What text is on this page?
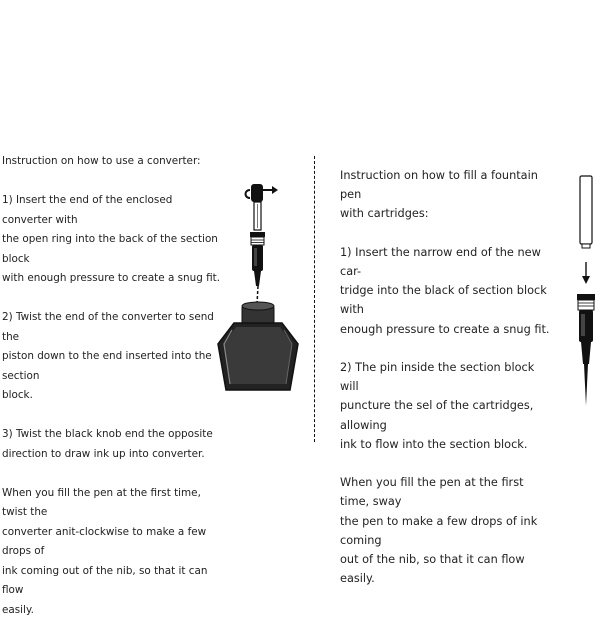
Instruction on how to use a converter:

1) Insert the end of the enclosed converter with

the open ring into the back of the section block

with enough pressure to create a snug fit.

2) Twist the end of the converter to send the

piston down to the end inserted into the section

block.

3) Twist the black knob end the opposite

direction to draw ink up into converter.

When you fill the pen at the first time, twist the

converter anit-clockwise to make a few drops of

ink coming out of the nib, so that it can flow

easily.

Instruction on how to fill a fountain pen

with cartridges:

1) Insert the narrow end of the new car-

tridge into the black of section block with

enough pressure to create a snug fit.

2) The pin inside the section block will

puncture the sel of the cartridges, allowing

ink to flow into the section block.

When you fill the pen at the first time, sway

the pen to make a few drops of ink coming

out of the nib, so that it can flow easily.
